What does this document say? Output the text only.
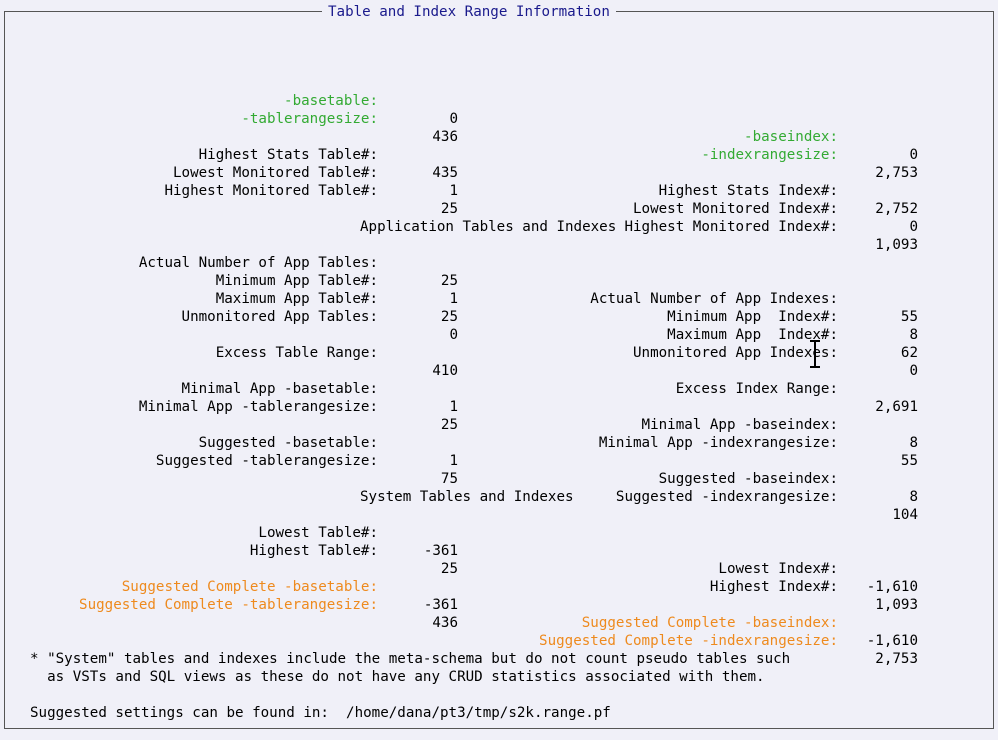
Table and Index Range Information

-basetable:

0

-baseindex:

0

-tablerangesize:

436

-indexrangesize:

2,753

Highest Stats Table#:

435

Highest Stats Index#:

2,752

Lowest Monitored Table#:

1

Lowest Monitored Index#:

0

Highest Monitored Table#:

25

Highest Monitored Index#:

1,093

Application Tables and Indexes

Actual Number of App Tables:

25

Actual Number of App Indexes:

55

Minimum App Table#:

1

Minimum App  Index#:

8

Maximum App Table#:

25

Maximum App  Index#:

62

Unmonitored App Tables:

0

Unmonitored App Indexes:

0

Excess Table Range:

410

Excess Index Range:

2,691

Minimal App -basetable:

1

Minimal App -baseindex:

8

Minimal App -tablerangesize:

25

Minimal App -indexrangesize:

55

Suggested -basetable:

1

Suggested -baseindex:

8

Suggested -tablerangesize:

75

Suggested -indexrangesize:

104

System Tables and Indexes

Lowest Table#:

-361

Lowest Index#:

-1,610

Highest Table#:

25

Highest Index#:

1,093

Suggested Complete -basetable:

-361

Suggested Complete -baseindex:

-1,610

Suggested Complete -tablerangesize:

436

Suggested Complete -indexrangesize:

2,753

* "System" tables and indexes include the meta-schema but do not count pseudo tables such

as VSTs and SQL views as these do not have any CRUD statistics associated with them.

Suggested settings can be found in:  /home/dana/pt3/tmp/s2k.range.pf
